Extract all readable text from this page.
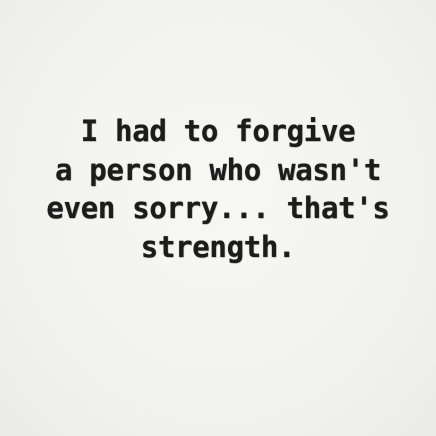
I had to forgive
a person who wasn't
even sorry... that's
strength.
